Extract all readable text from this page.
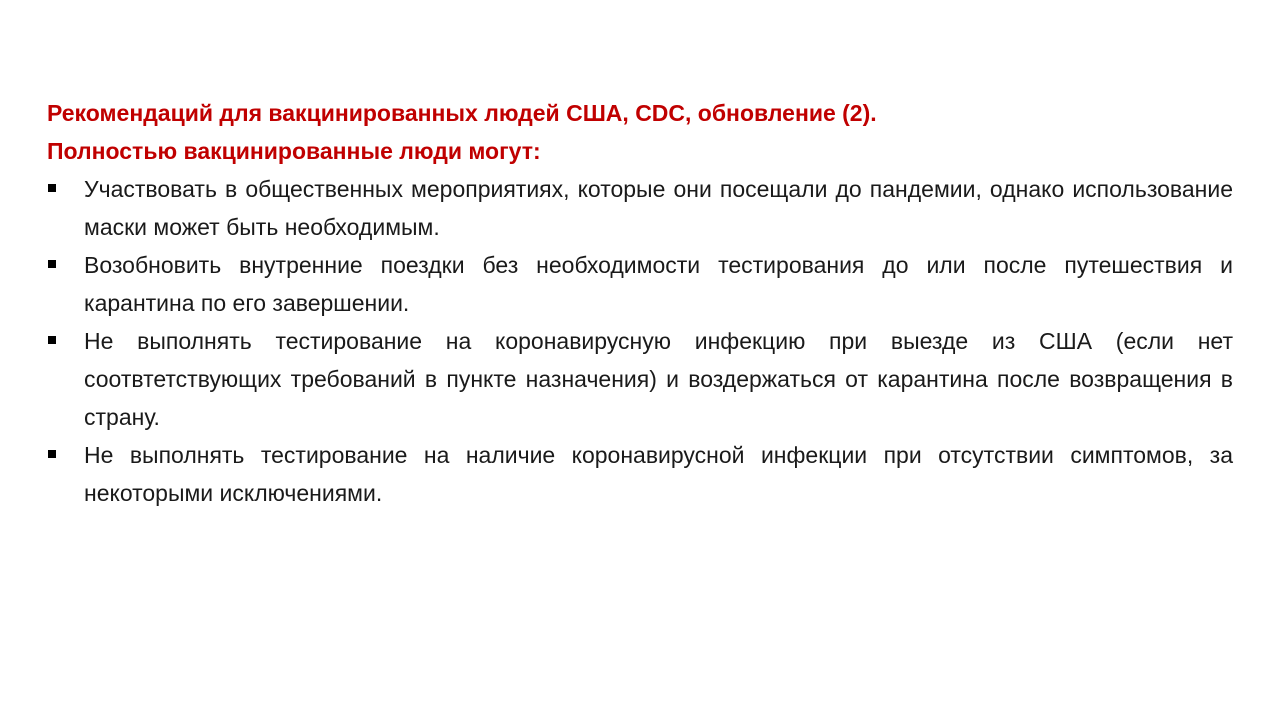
Рекомендаций для вакцинированных людей США, CDC, обновление (2).

Полностью вакцинированные люди могут:

Участвовать в общественных мероприятиях, которые они посещали до пандемии, однако использование маски может быть необходимым.
Возобновить внутренние поездки без необходимости тестирования до или после путешествия и карантина по его завершении.
Не выполнять тестирование на коронавирусную инфекцию при выезде из США (если нет соотвтетствующих требований в пункте назначения) и воздержаться от карантина после возвращения в страну.
Не выполнять тестирование на наличие коронавирусной инфекции при отсутствии симптомов, за некоторыми исключениями.
